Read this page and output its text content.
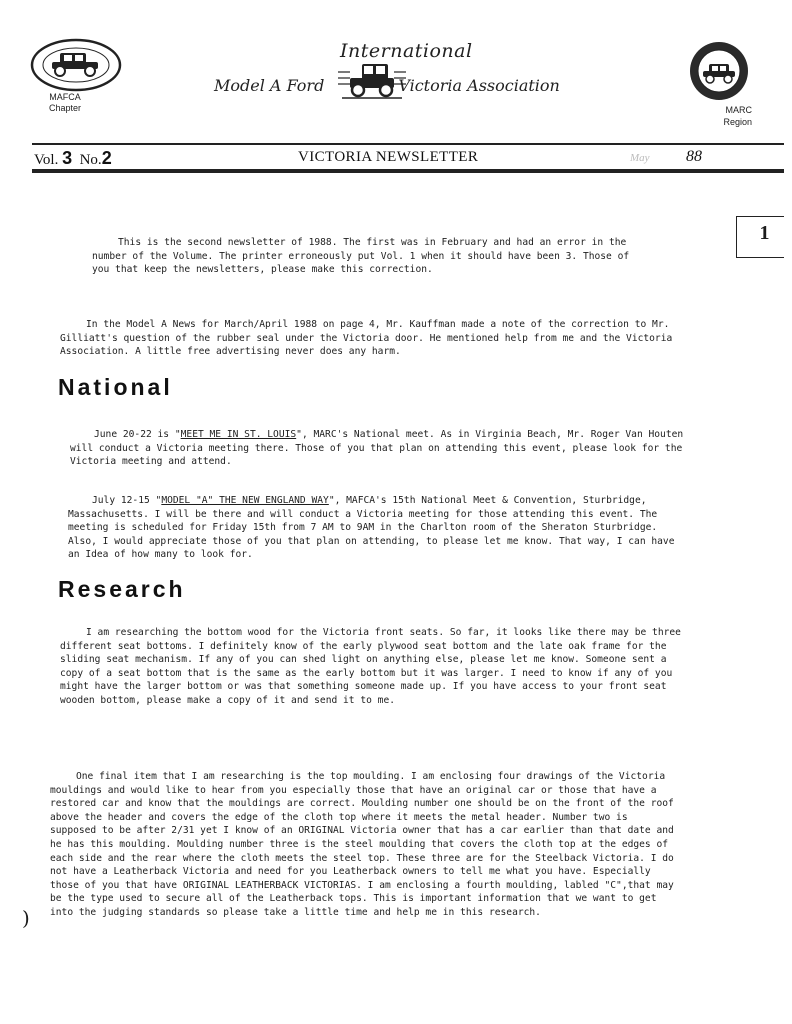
MAFCA
Chapter
International
Model A Ford	Victoria Association
MARC
Region
Vol. 3 No.2	VICTORIA NEWSLETTER	May 88
1
This is the second newsletter of 1988. The first was in February and had an error in the
number of the Volume. The printer erroneously put Vol. 1 when it should have been 3. Those of
you that keep the newsletters, please make this correction.
In the Model A News for March/April 1988 on page 4, Mr. Kauffman made a note of the correction to Mr.
Gilliatt's question of the rubber seal under the Victoria door. He mentioned help from me and the Victoria
Association. A little free advertising never does any harm.
National
June 20-22 is "MEET ME IN ST. LOUIS", MARC's National meet. As in Virginia Beach, Mr. Roger Van Houten
will conduct a Victoria meeting there. Those of you that plan on attending this event, please look for the
Victoria meeting and attend.
July 12-15 "MODEL "A" THE NEW ENGLAND WAY", MAFCA's 15th National Meet & Convention, Sturbridge,
Massachusetts. I will be there and will conduct a Victoria meeting for those attending this event. The
meeting is scheduled for Friday 15th from 7 AM to 9AM in the Charlton room of the Sheraton Sturbridge.
Also, I would appreciate those of you that plan on attending, to please let me know. That way, I can have
an Idea of how many to look for.
Research
I am researching the bottom wood for the Victoria front seats. So far, it looks like there may be three
different seat bottoms. I definitely know of the early plywood seat bottom and the late oak frame for the
sliding seat mechanism. If any of you can shed light on anything else, please let me know. Someone sent a
copy of a seat bottom that is the same as the early bottom but it was larger. I need to know if any of you
might have the larger bottom or was that something someone made up. If you have access to your front seat
wooden bottom, please make a copy of it and send it to me.
One final item that I am researching is the top moulding. I am enclosing four drawings of the Victoria
mouldings and would like to hear from you especially those that have an original car or those that have a
restored car and know that the mouldings are correct. Moulding number one should be on the front of the roof
above the header and covers the edge of the cloth top where it meets the metal header. Number two is
supposed to be after 2/31 yet I know of an ORIGINAL Victoria owner that has a car earlier than that date and
he has this moulding. Moulding number three is the steel moulding that covers the cloth top at the edges of
each side and the rear where the cloth meets the steel top. These three are for the Steelback Victoria. I do
not have a Leatherback Victoria and need for you Leatherback owners to tell me what you have. Especially
those of you that have ORIGINAL LEATHERBACK VICTORIAS. I am enclosing a fourth moulding, labled "C",that may
be the type used to secure all of the Leatherback tops. This is important information that we want to get
into the judging standards so please take a little time and help me in this research.
)
